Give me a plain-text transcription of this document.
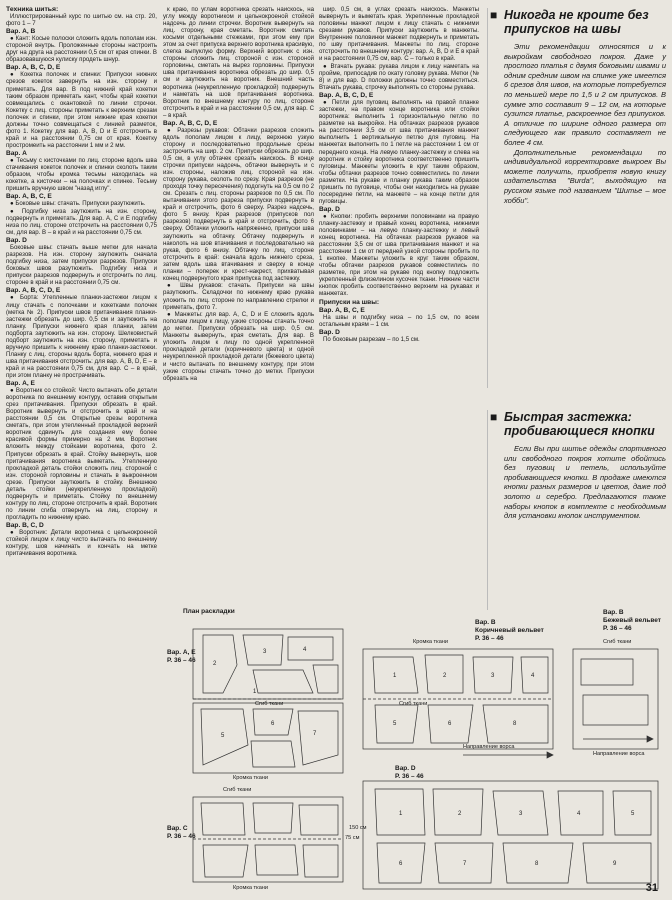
Техника шитья:

Иллюстрированный курс по шитью см. на стр. 20, фото 1 – 7

Вар. А, В

● Кант: Косые полоски сложить вдоль пополам изн. стороной внутрь. Проложенные стороны настроить друг на друга на расстоянии 0,5 см от края спинки. В образовавшуюся кулиску продеть шнур.

Вар. А, В, С, D, Е

● Кокетка полочек и спинки: Припуски нижних срезов кокеток завернуть на изн. сторону и приметать. Для вар. В под нижний край кокетки таким образом приметать кант, чтобы край кокетки совмещались с окантовкой по линии строчки. Кокетку с лиц. стороны приметать к верхним срезам полочек и спинки, при этом нижние края кокетки должны точно совмещаться с линией разметок, фото 1. Кокетку для вар. А, В, D и Е отстрочить в край и на расстоянии 0,75 см от края. Кокетку простромеить на расстоянии 1 мм и 2 мм.

Вар. А

● Тесьму с кисточками по лиц. стороне вдоль шва стачивания кокеток полочек и спинки сколоть таким образом, чтобы кромка тесьмы находилась на кокетке, а кисточки – на полочках и спинке. Тесьму пришить вручную швом "назад иглу".

Вар. А, В, С, Е

● Боковые швы: стачать. Припуски разутюжить.

● Подгибку низа заутюжить на изн. сторону, подвернуть и приметать. Для вар. А, С и Е подгибку низа по лиц. стороне отстрочить на расстоянии 0,75 см, для вар. В – в край и на расстоянии 0,75 см.

Вар. D

Боковые швы: стачать выше метки для начала разрезов. На изн. сторону заутюжить сначала подгибку низа, затем припуски разрезов. Припуски боковых швов разутюжить. Подгибку низа и припуски разрезов подвернуть и отстрочить по лиц. стороне в край и на расстоянии 0,75 см.

Вар. А, В, С, D, Е

● Борта: Утепленные планки-застежки лицом к лицу стачать с полочками и кокетками полочек (метка № 2). Припуски швов притачивания планки-застежки обрезать до шир. 0,5 см и заутюжить на планку. Припуски нижнего края планки, затем подборта заутюжить на изн. сторону. Шелковистый подборт заутюжить на изн. сторону, приметать и вручную пришить к нижнему краю планки-застежки. Планку с лиц. стороны вдоль борта, нижнего края и шва притачивания отстрочить: для вар. А, В, D, Е – в край и на расстоянии 0,75 см, для вар. С – в край, при этом планку не прострачивать.

Вар. А, Е

● Воротник со стойкой: Чисто вытачать обе детали воротника по внешнему контуру, оставив открытым срез притачивания. Припуски обрезать в край. Воротник вывернуть и отстрочить в край и на расстоянии 0,5 см. Открытые срезы воротника сметать, при этом утепленный прокладкой верхний воротник сдвинуть для создания ему более красивой формы примерно на 2 мм. Воротник вложить между стойками воротника, фото 2. Припуски обрезать в край. Стойку вывернуть, шов притачивания воротника выметать. Утепленную прокладкой деталь стойки сложить лиц. стороной с изн. стороной горловины и стачать в выкроенном срезе. Припуски заутюжить в стойку. Внешнюю деталь стойки (неукрепленную прокладкой) подвернуть и приметать. Стойку по внешнему контуру по лиц. стороне отстрочить в край. Воротник по линии сгиба отвернуть на лиц. сторону и прогладить по нижнему краю.

Вар. В, С, D

● Воротник: Детали воротника с цельнокроеной стойкой лицом к лицу чисто вытачать по внешнему контуру, шов начинать и кончать на метке притачивания воротника.

к краю, по углам воротника срезать наискось, на углу между воротником и цельнокроеной стойкой надсечь до линии строчки. Воротник вывернуть на лиц. сторону, края сметать. Воротник сметать косыми отдельными стежками, при этом ему при этом за счет припуска верхнего воротника красивую, слегка выпуклую форму. Верхний воротник с изн. стороны сложить лиц. стороной с изн. стороной горловины, сметать на вырез горловины. Припуски шва притачивания воротника обрезать до шир. 0,5 см и заутюжить на воротник. Внешний часть воротника (неукрепленную прокладкой) подвернуть и наметать на шов притачивания воротника. Воротник по внешнему контуру по лиц. стороне отстрочить в край и на расстоянии 0,5 см, для вар. С – в край.

Вар. А, В, С, D, Е

● Разрезы рукавов: Обтачки разрезов сложить вдоль пополам лицом к лицу, верхнюю узкую сторону и последовательно продольные срезы застрочить на шир. 2 см. Припуски обрезать до шир. 0,5 см, в углу обтачек срезать наискось. В конце строчки припуски надсечь, обтачки вывернуть и с изн. стороны, наложив лиц. стороной на изн. сторону рукава, сколоть по срезу. Края разрезов (не проходя точку пересечения) подогнуть на 0,5 см по 2 см. Срезать с лиц. стороны разрезов по 0,5 см. По вытачивании этого разреза припуски подвернуть в край и отстрочить, фото 6 сверху. Разрез надсечь, фото 5 внизу. Края разрезов (припусков пол разрезов) подвернуть в край и отстрочить, фото 6 сверху. Обтачки уложить напряженно, припуски шва заутюжить на обтачку. Обтачку подвернуть и наколоть на шов втачивания и последовательно на рукав, фото 6 внизу. Обтачку по лиц. стороне отстрочить в край: сначала вдоль нижнего среза, затем вдоль шва втачивания и сверху в конце планки – поперек и крест-накрест, прихватывая конец подвернутого края припуска под застежку.

● Швы рукавов: стачать. Припуски на швы разутюжить. Складочки по нижнему краю рукава уложить по лиц. стороне по направлению стрелки и приметать, фото 7.

● Манжеты: для вар. А, С, D и Е сложить вдоль пополам лицом к лицу, узкие стороны стачать точно до метки. Припуски обрезать на шир. 0,5 см. Манжеты вывернуть, края сметать. Для вар. В уложить лицом к лицу по одной укрепленной прокладкой детали (коричневого цвета) и одной неукрепленной прокладкой детали (бежевого цвета) и чисто вытачать по внешнему контуру, при этом узкие стороны стачать точно до метки. Припуски обрезать на

шир. 0,5 см, в углах срезать наискось. Манжеты вывернуть и выметать края. Укрепленные прокладкой половины манжет лицом к лицу стачать с нижними срезами рукавов. Припуски заутюжить в манжеты. Внутренние половинки манжет подвернуть и приметать по шву притачивания. Манжеты по лиц. стороне отстрочить по внешнему контуру: вар. А, В, D и Е в край и на расстоянии 0,75 см, вар. С – только в край.

● Втачать рукава: рукава лицом к лицу наметать на пройме, припосадив по окату головку рукава. Метки (№ 8) и для вар. D положки должны точно совместиться. Втачать рукава, строчку выполнять со стороны рукава.

Вар. А, В, С, D, Е

● Петли для пуговиц выполнять на правой планке застежки, на правом конце воротника или стойки воротника: выполнить 1 горизонтальную петлю по разметке на выкройке. На обтачках разрезов рукавов на расстоянии 3,5 см от шва притачивания манжет выполнить 1 вертикальную петлю для пуговиц. На манжетах выполнить по 1 петле на расстоянии 1 см от переднего конца. На левую планку-застежку и слева на воротник и стойку воротника соответственно пришить пуговицы. Манжеты уложить в круг таким образом, чтобы обтачки разрезов точно совместились по линии разметки. На рукаве и планку рукава таким образом пришить по пуговице, чтобы они находились на рукаве посередине петли, на манжете – на конце петли для пуговицы.

Вар. D

● Кнопки: пробить верхними половинами на правую планку-застежку и правый конец воротника, нижними половинками – на левую планку-застежку и левый конец воротника. На обтачках разрезов рукавов на расстоянии 3,5 см от шва притачивания манжет и на расстоянии 1 см от передней узкой стороны пробить по 1 кнопке. Манжеты уложить в круг таким образом, чтобы обтачки разрезов рукавов совместились по разметке, при этом на рукаве под кнопку подложить укрепленный флизелином кусочек ткани. Нижние части кнопок пробить соответственно верхним на рукавах и манжетах.

Припуски на швы:
Вар. А, В, С, Е

На швы и подгибку низа – по 1,5 см, по всем остальным краям – 1 см.

Вар. D

По боковым разрезам – по 1,5 см.

■ Никогда не кроите без припусков на швы

Эти рекомендации относятся и к выкройкам свободного покроя. Даже у простого платья с двумя боковыми швами и одним средним швом на спинке уже имеется 6 срезов для швов, на которые потребуется по меньшей мере по 1,5 и 2 см припусков. В сумме это составит 9 – 12 см, на которые сузится платье, раскроенное без припусков. А отличие по ширине одного размера от следующего как правило составляет не более 4 см.

Дополнительные рекомендации по индивидуальной корректировке выкроек Вы можете получить, приобретя новую книгу издательства "Burda", выходящую на русском языке под названием "Шитье – мое хобби".

■ Быстрая застежка: пробивающиеся кнопки

Если Вы при шитье одежды спортивного или свободного покроя хотите обойтись без пуговиц и петель, используйте пробивающиеся кнопки. В продаже имеются кнопки разных размеров и цветов, даже под золото и серебро. Предлагаются также наборы кнопок в комплекте с необходимым для установки кнопок инструментом.

1
2
3	4
5
6
7
1	2	3	4
5	6	8
1	2	3	4	5
6	7	8	9
План раскладки
Вар. А, Е
Р. 36 – 46
Сгиб ткани
Кромка ткани
Вар. С
Р. 36 – 46
Сгиб ткани
Кромка ткани
75 см
Кромка ткани
Вар. В
Коричневый вельвет
Р. 36 – 46
Сгиб ткани
Направление ворса
Вар. В
Бежевый вельвет
Р. 36 – 46
Сгиб ткани
Направление ворса
Вар. D
Р. 36 – 46
150 см
31
